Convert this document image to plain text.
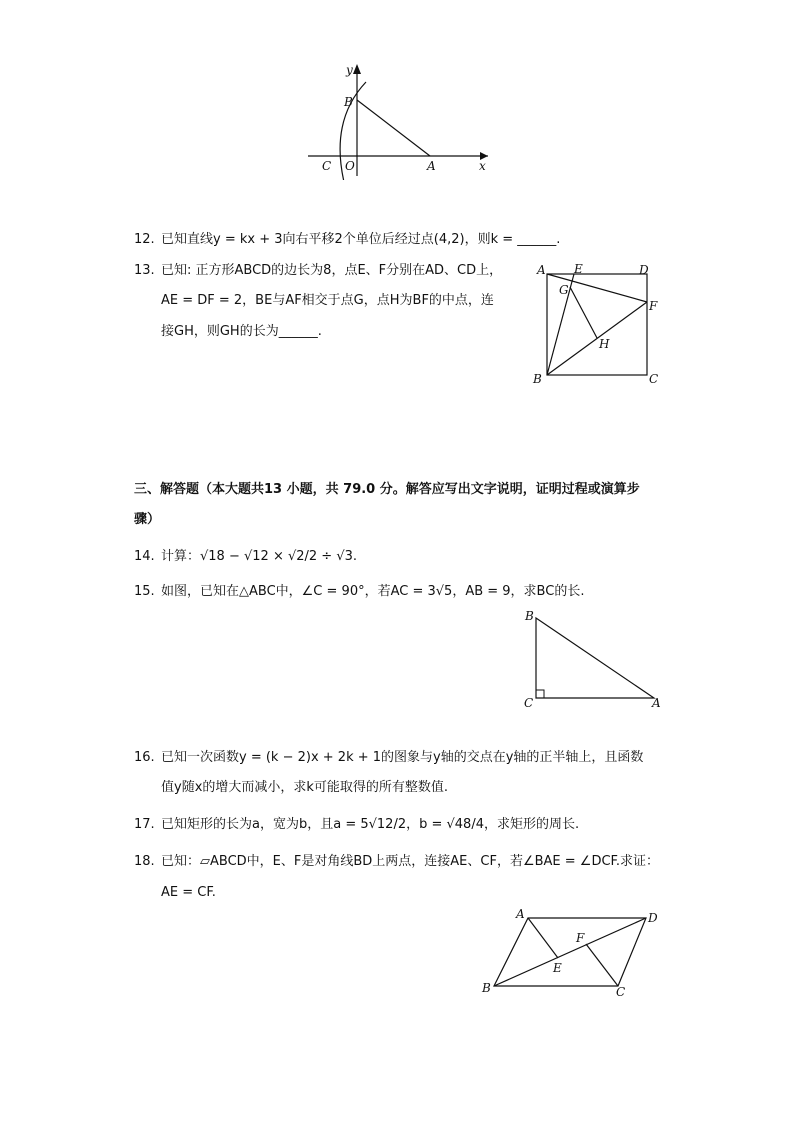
y
B
C O	A	x
12. 已知直线y = kx + 3向右平移2个单位后经过点(4,2)，则k = ______.
13. 已知: 正方形ABCD的边长为8，点E、F分别在AD、CD上，
AE = DF = 2，BE与AF相交于点G，点H为BF的中点，连
接GH，则GH的长为______.
A E	D
G
F
H
B	C
三、解答题（本大题共13 小题，共 79.0 分。解答应写出文字说明，证明过程或演算步
骤）
14. 计算：√18 − √12 × √2/2 ÷ √3.
15. 如图，已知在△ABC中，∠C = 90°，若AC = 3√5，AB = 9，求BC的长.
B
C	A
16. 已知一次函数y = (k − 2)x + 2k + 1的图象与y轴的交点在y轴的正半轴上，且函数
值y随x的增大而减小，求k可能取得的所有整数值.
17. 已知矩形的长为a，宽为b，且a = 5√12/2，b = √48/4，求矩形的周长.
18. 已知：▱ABCD中，E、F是对角线BD上两点，连接AE、CF，若∠BAE = ∠DCF.求证：
AE = CF.
A	D
F
E
B	C
